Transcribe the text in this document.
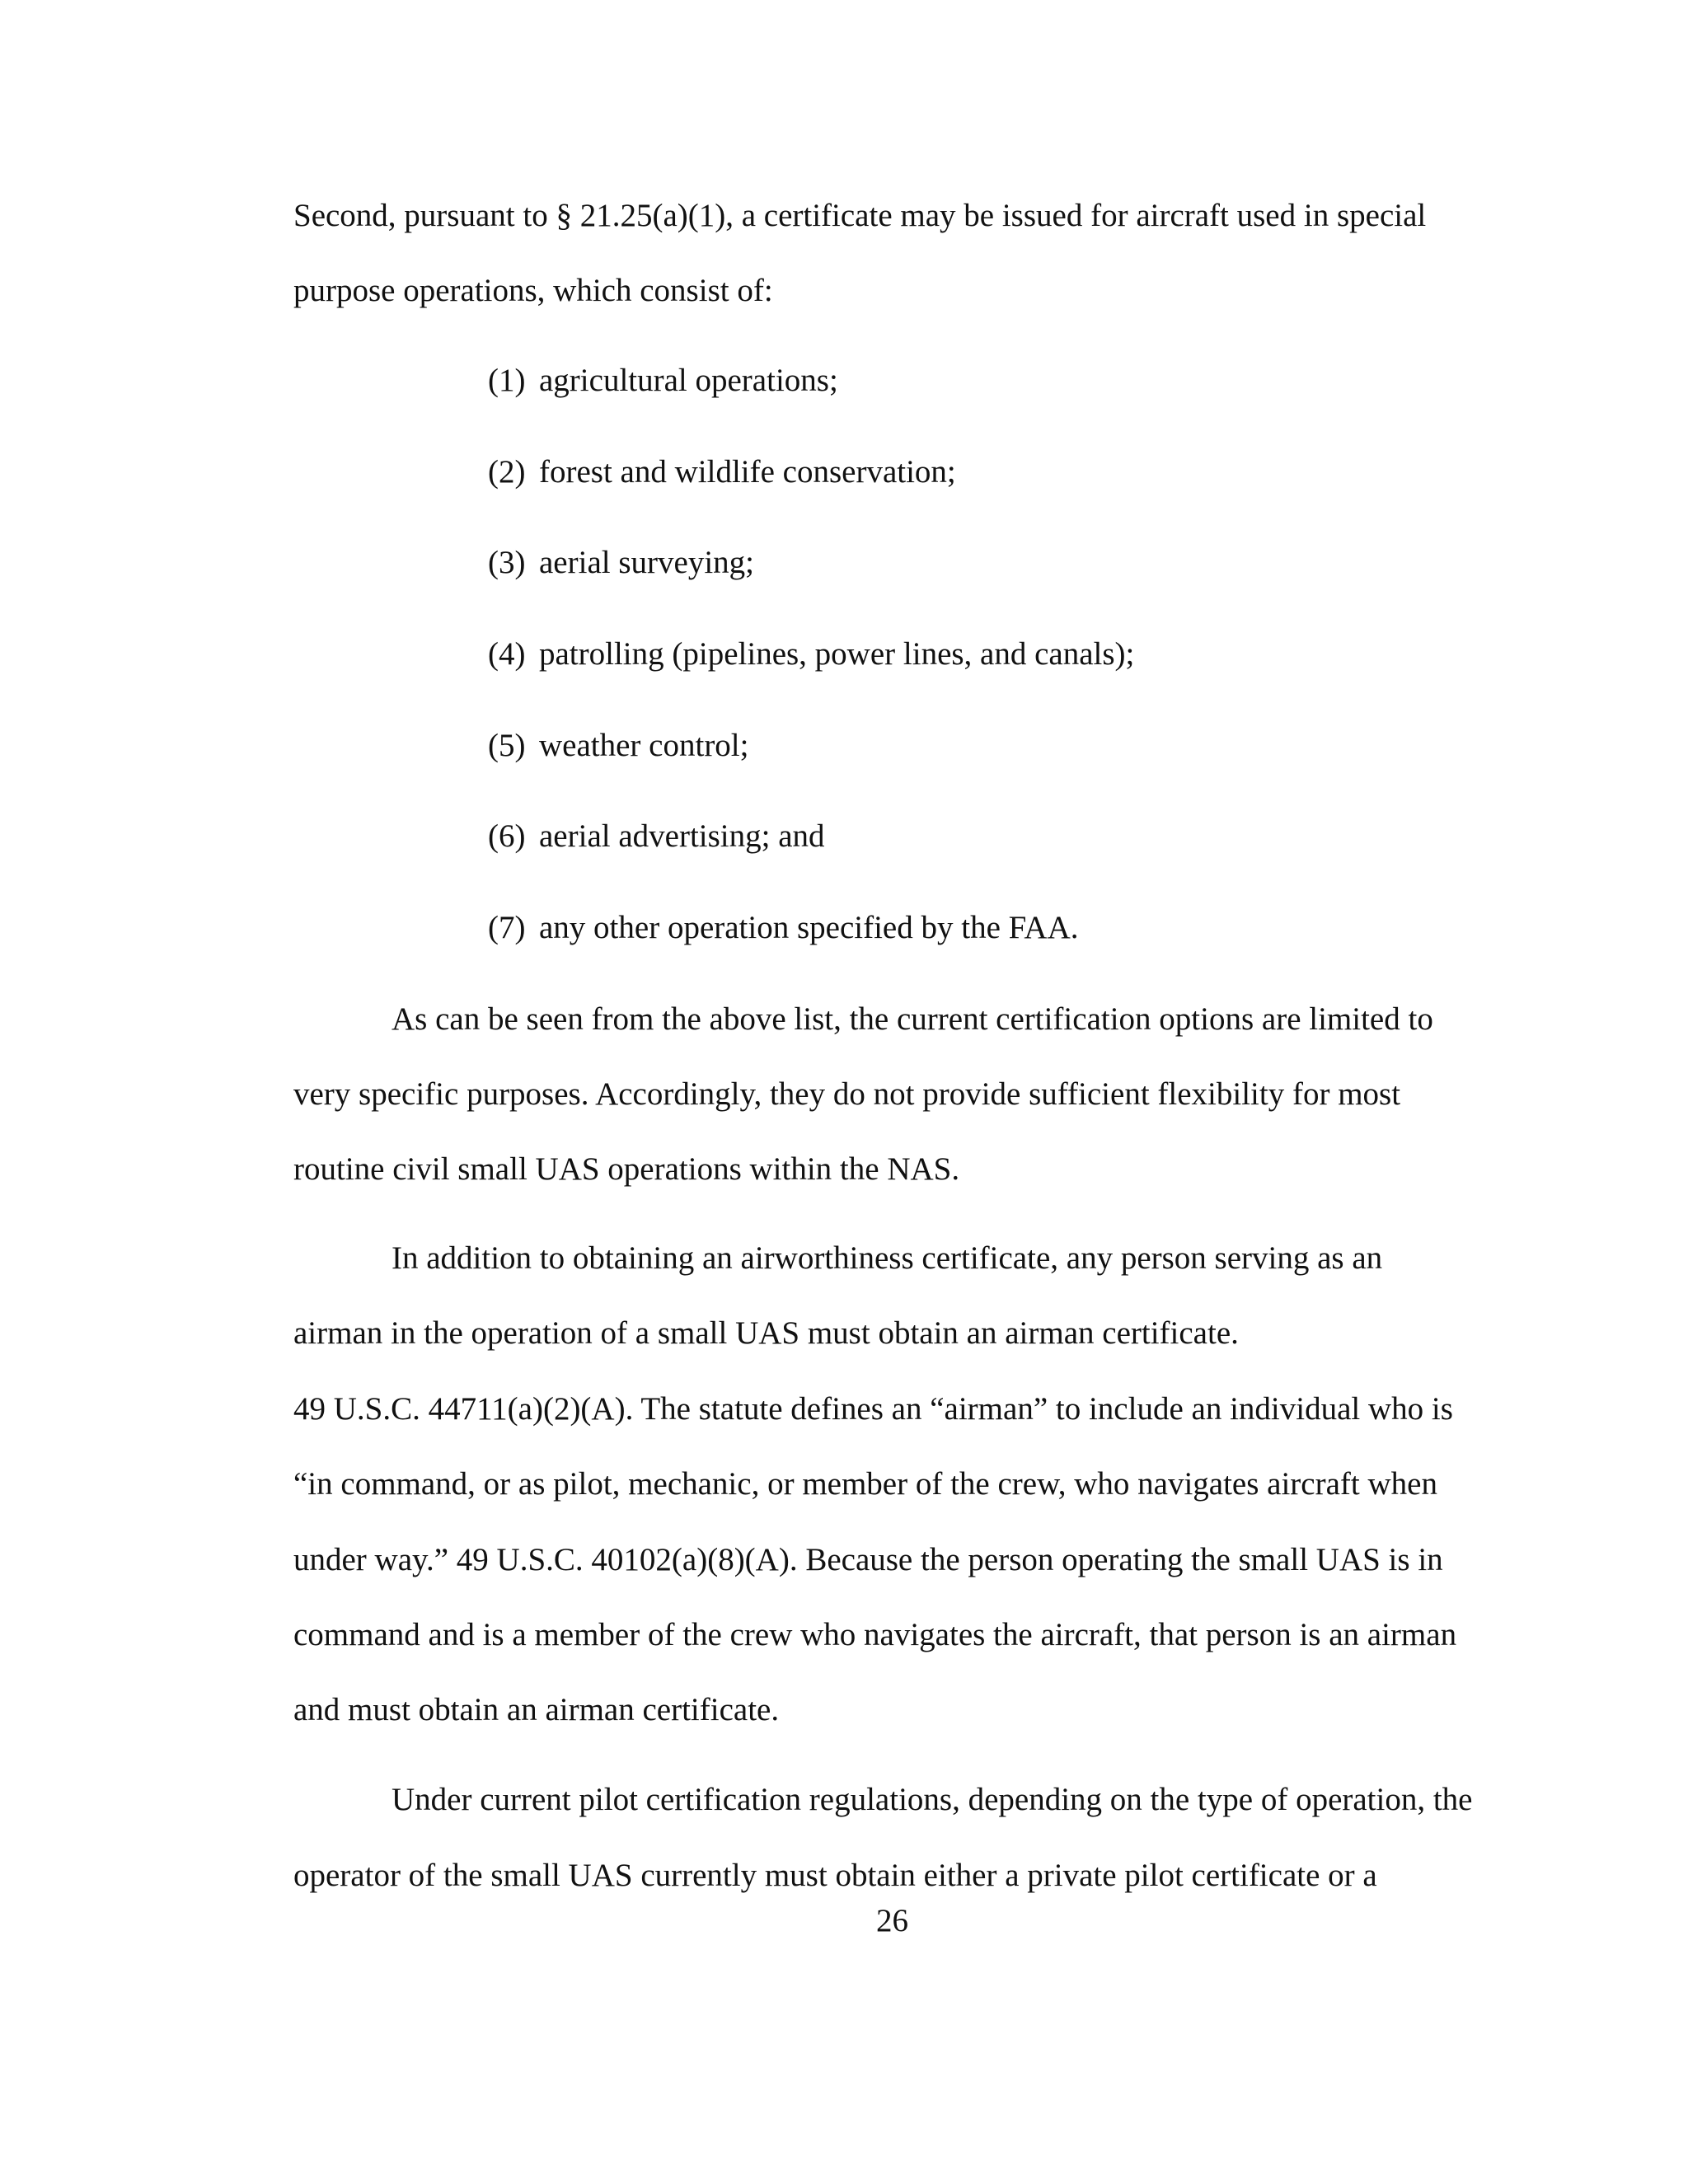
Second, pursuant to § 21.25(a)(1), a certificate may be issued for aircraft used in special
purpose operations, which consist of:
(1) agricultural operations;
(2) forest and wildlife conservation;
(3) aerial surveying;
(4) patrolling (pipelines, power lines, and canals);
(5) weather control;
(6) aerial advertising; and
(7) any other operation specified by the FAA.
As can be seen from the above list, the current certification options are limited to
very specific purposes. Accordingly, they do not provide sufficient flexibility for most
routine civil small UAS operations within the NAS.
In addition to obtaining an airworthiness certificate, any person serving as an
airman in the operation of a small UAS must obtain an airman certificate.
49 U.S.C. 44711(a)(2)(A). The statute defines an “airman” to include an individual who is
“in command, or as pilot, mechanic, or member of the crew, who navigates aircraft when
under way.” 49 U.S.C. 40102(a)(8)(A). Because the person operating the small UAS is in
command and is a member of the crew who navigates the aircraft, that person is an airman
and must obtain an airman certificate.
Under current pilot certification regulations, depending on the type of operation, the
operator of the small UAS currently must obtain either a private pilot certificate or a
26
